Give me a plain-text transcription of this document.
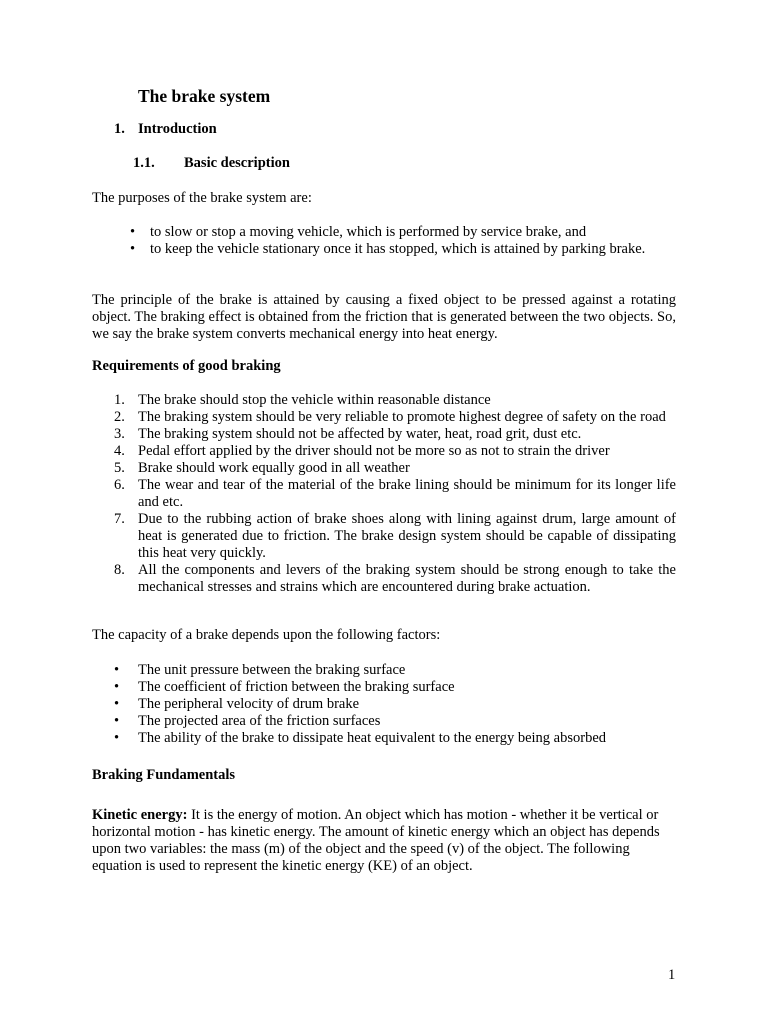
The brake system
1. Introduction
1.1. Basic description
The purposes of the brake system are:
• to slow or stop a moving vehicle, which is performed by service brake, and
• to keep the vehicle stationary once it has stopped, which is attained by parking brake.
The principle of the brake is attained by causing a fixed object to be pressed against a rotating object. The braking effect is obtained from the friction that is generated between the two objects. So, we say the brake system converts mechanical energy into heat energy.
Requirements of good braking
1. The brake should stop the vehicle within reasonable distance
2. The braking system should be very reliable to promote highest degree of safety on the road
3. The braking system should not be affected by water, heat, road grit, dust etc.
4. Pedal effort applied by the driver should not be more so as not to strain the driver
5. Brake should work equally good in all weather
6. The wear and tear of the material of the brake lining should be minimum for its longer life and etc.
7. Due to the rubbing action of brake shoes along with lining against drum, large amount of heat is generated due to friction. The brake design system should be capable of dissipating this heat very quickly.
8. All the components and levers of the braking system should be strong enough to take the mechanical stresses and strains which are encountered during brake actuation.
The capacity of a brake depends upon the following factors:
• The unit pressure between the braking surface
• The coefficient of friction between the braking surface
• The peripheral velocity of drum brake
• The projected area of the friction surfaces
• The ability of the brake to dissipate heat equivalent to the energy being absorbed
Braking Fundamentals
Kinetic energy: It is the energy of motion. An object which has motion - whether it be vertical or horizontal motion - has kinetic energy. The amount of kinetic energy which an object has depends upon two variables: the mass (m) of the object and the speed (v) of the object. The following equation is used to represent the kinetic energy (KE) of an object.
1
